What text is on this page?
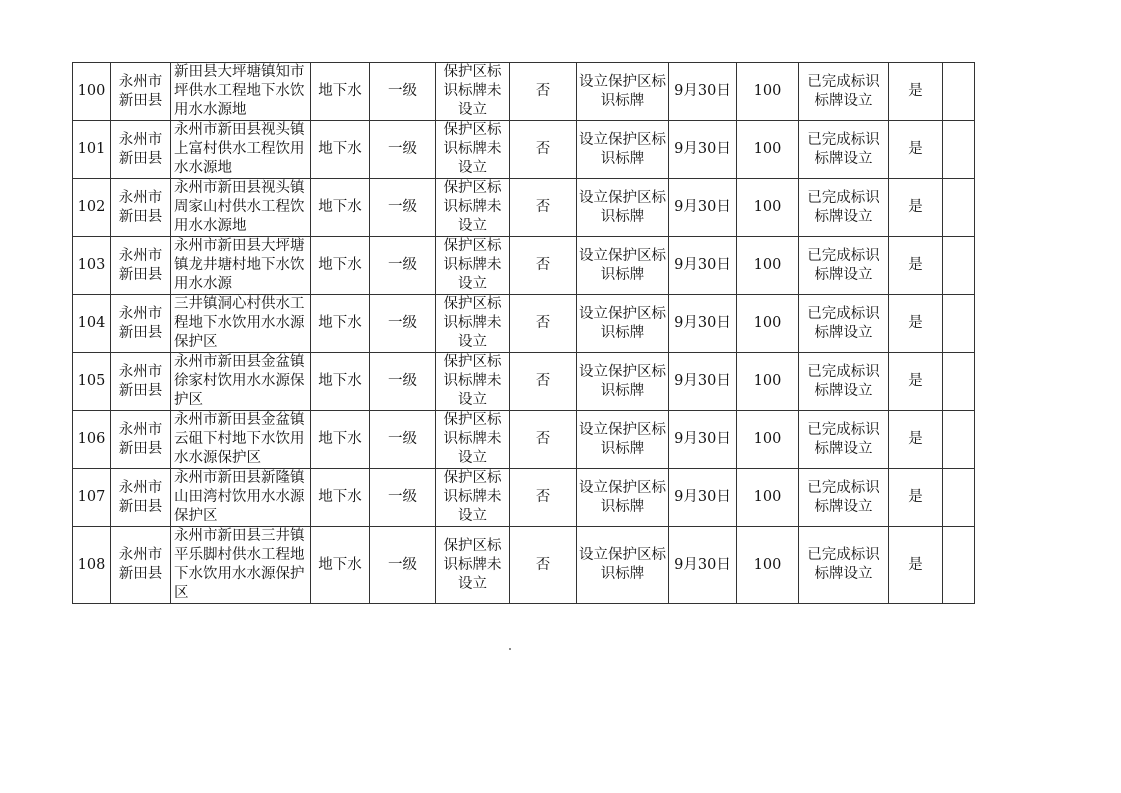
100	永州市新田县	新田县大坪塘镇知市坪供水工程地下水饮用水水源地	地下水	一级	保护区标识标牌未设立	否	设立保护区标识标牌	9月30日	100	已完成标识标牌设立	是	
101	永州市新田县	永州市新田县视头镇上富村供水工程饮用水水源地	地下水	一级	保护区标识标牌未设立	否	设立保护区标识标牌	9月30日	100	已完成标识标牌设立	是	
102	永州市新田县	永州市新田县视头镇周家山村供水工程饮用水水源地	地下水	一级	保护区标识标牌未设立	否	设立保护区标识标牌	9月30日	100	已完成标识标牌设立	是	
103	永州市新田县	永州市新田县大坪塘镇龙井塘村地下水饮用水水源	地下水	一级	保护区标识标牌未设立	否	设立保护区标识标牌	9月30日	100	已完成标识标牌设立	是	
104	永州市新田县	三井镇洞心村供水工程地下水饮用水水源保护区	地下水	一级	保护区标识标牌未设立	否	设立保护区标识标牌	9月30日	100	已完成标识标牌设立	是	
105	永州市新田县	永州市新田县金盆镇徐家村饮用水水源保护区	地下水	一级	保护区标识标牌未设立	否	设立保护区标识标牌	9月30日	100	已完成标识标牌设立	是	
106	永州市新田县	永州市新田县金盆镇云砠下村地下水饮用水水源保护区	地下水	一级	保护区标识标牌未设立	否	设立保护区标识标牌	9月30日	100	已完成标识标牌设立	是	
107	永州市新田县	永州市新田县新隆镇山田湾村饮用水水源保护区	地下水	一级	保护区标识标牌未设立	否	设立保护区标识标牌	9月30日	100	已完成标识标牌设立	是	
108	永州市新田县	永州市新田县三井镇平乐脚村供水工程地下水饮用水水源保护区	地下水	一级	保护区标识标牌未设立	否	设立保护区标识标牌	9月30日	100	已完成标识标牌设立	是	
